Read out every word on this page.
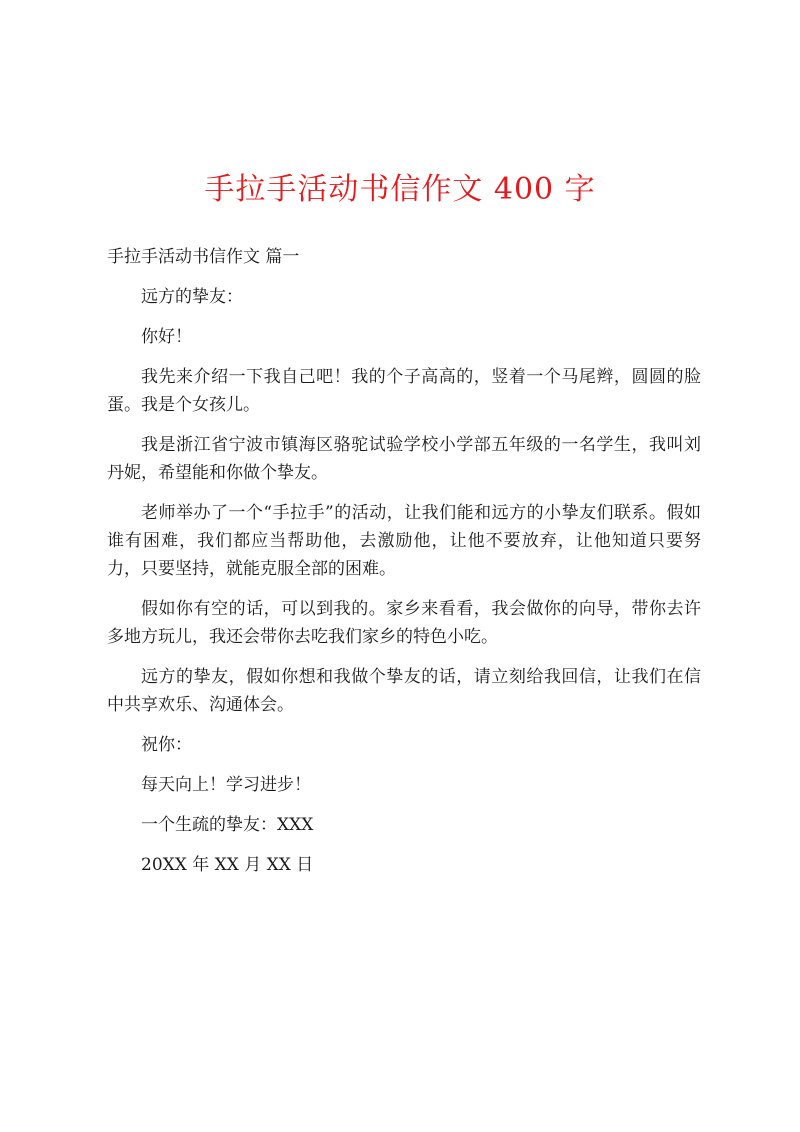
手拉手活动书信作文 400 字

手拉手活动书信作文 篇一

远方的挚友：

你好！

我先来介绍一下我自己吧！我的个子高高的，竖着一个马尾辫，圆圆的脸蛋。我是个女孩儿。

我是浙江省宁波市镇海区骆驼试验学校小学部五年级的一名学生，我叫刘丹妮，希望能和你做个挚友。

老师举办了一个“手拉手”的活动，让我们能和远方的小挚友们联系。假如谁有困难，我们都应当帮助他，去激励他，让他不要放弃，让他知道只要努力，只要坚持，就能克服全部的困难。

假如你有空的话，可以到我的。家乡来看看，我会做你的向导，带你去许多地方玩儿，我还会带你去吃我们家乡的特色小吃。

远方的挚友，假如你想和我做个挚友的话，请立刻给我回信，让我们在信中共享欢乐、沟通体会。

祝你：

每天向上！学习进步！

一个生疏的挚友：XXX

20XX 年 XX 月 XX 日
